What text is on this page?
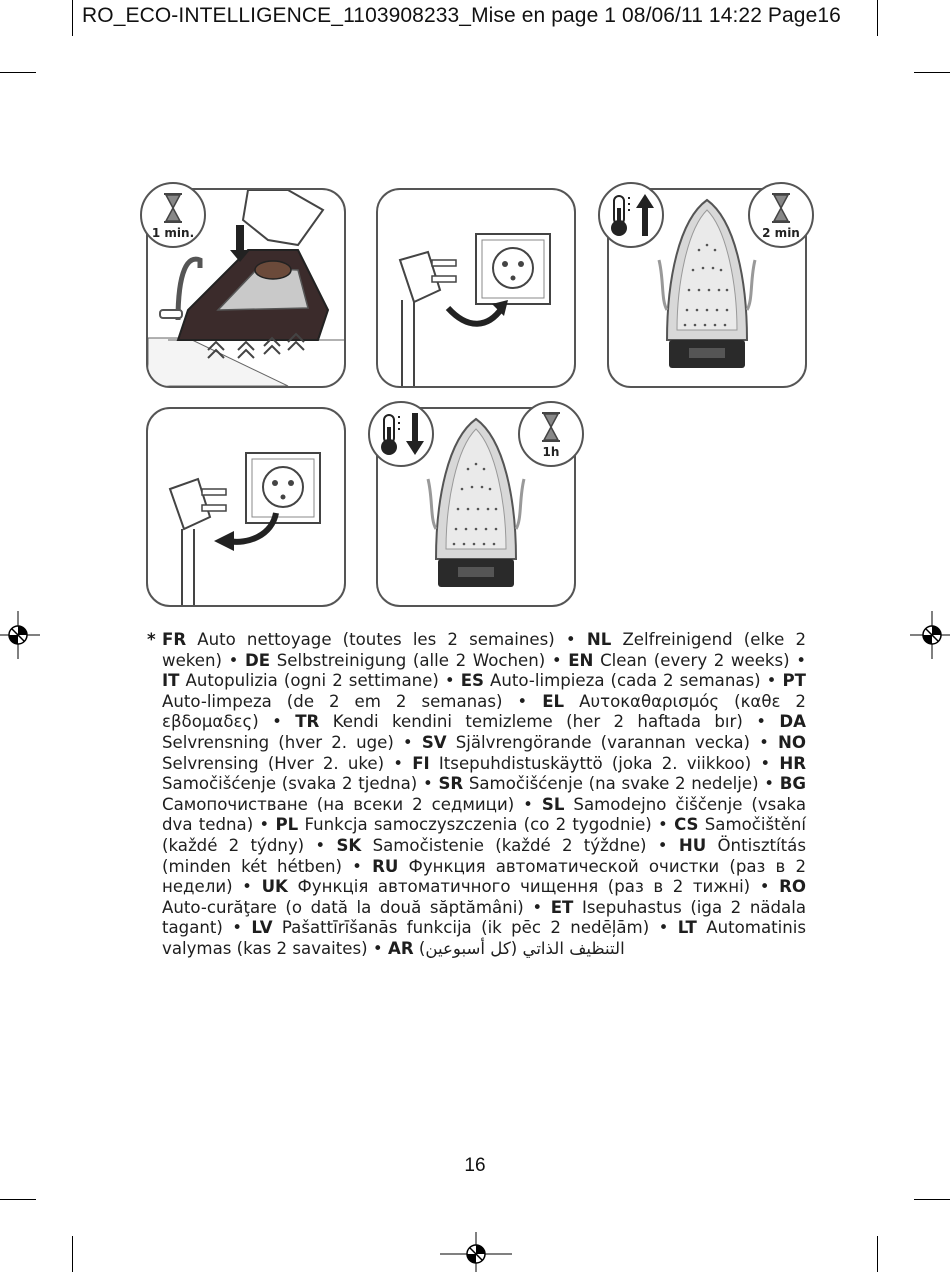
RO_ECO-INTELLIGENCE_1103908233_Mise en page 1 08/06/11 14:22 Page16
1 min.	2 min
1h
* FR Auto nettoyage (toutes les 2 semaines) • NL Zelfreinigend (elke 2 weken) • DE Selbstreinigung (alle 2 Wochen) • EN Clean (every 2 weeks) • IT Autopulizia (ogni 2 settimane) • ES Auto-limpieza (cada 2 semanas) • PT Auto-limpeza (de 2 em 2 semanas) • EL Αυτοκαθαρισμός (καθε 2 εβδομαδες) • TR Kendi kendini temizleme (her 2 haftada bır) • DA Selvrensning (hver 2. uge) • SV Självrengörande (varannan vecka) • NO Selvrensing (Hver 2. uke) • FI Itsepuhdistuskäyttö (joka 2. viikkoo) • HR Samočišćenje (svaka 2 tjedna) • SR Samočišćenje (na svake 2 nedelje) • BG Самопочистване (на всеки 2 седмици) • SL Samodejno čiščenje (vsaka dva tedna) • PL Funkcja samoczyszczenia (co 2 tygodnie) • CS Samočištění (každé 2 týdny) • SK Samočistenie (každé 2 týždne) • HU Öntisztítás (minden két hétben) • RU Функция автоматической очистки (раз в 2 недели) • UK Функція автоматичного чищення (раз в 2 тижні) • RO Auto-curăţare (o dată la două săptămâni) • ET Isepuhastus (iga 2 nädala tagant) • LV Pašattīrīšanās funkcija (ik pēc 2 nedēļām) • LT Automatinis valymas (kas 2 savaites) • AR التنظيف الذاتي (كل أسبوعين)
16
